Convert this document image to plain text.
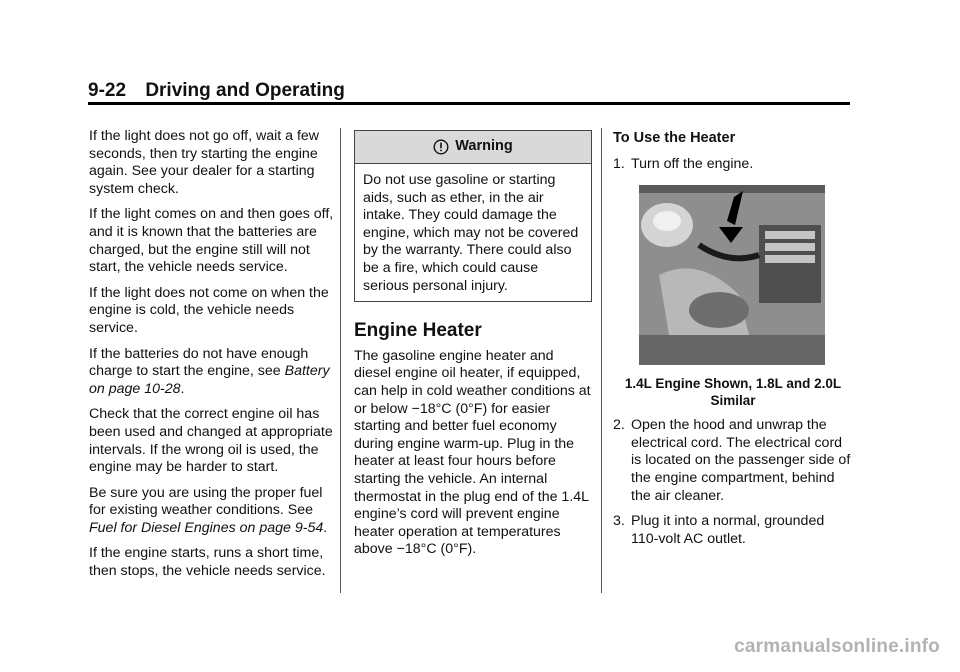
9-22 Driving and Operating

If the light does not go off, wait a few seconds, then try starting the engine again. See your dealer for a starting system check.

If the light comes on and then goes off, and it is known that the batteries are charged, but the engine still will not start, the vehicle needs service.

If the light does not come on when the engine is cold, the vehicle needs service.

If the batteries do not have enough charge to start the engine, see Battery on page 10-28.

Check that the correct engine oil has been used and changed at appropriate intervals. If the wrong oil is used, the engine may be harder to start.

Be sure you are using the proper fuel for existing weather conditions. See Fuel for Diesel Engines on page 9-54.

If the engine starts, runs a short time, then stops, the vehicle needs service.

Warning
Do not use gasoline or starting aids, such as ether, in the air intake. They could damage the engine, which may not be covered by the warranty. There could also be a fire, which could cause serious personal injury.
Engine Heater

The gasoline engine heater and diesel engine oil heater, if equipped, can help in cold weather conditions at or below −18°C (0°F) for easier starting and better fuel economy during engine warm-up. Plug in the heater at least four hours before starting the vehicle. An internal thermostat in the plug end of the 1.4L engine’s cord will prevent engine heater operation at temperatures above −18°C (0°F).

To Use the Heater
1. Turn off the engine.
1.4L Engine Shown, 1.8L and 2.0L Similar
2. Open the hood and unwrap the electrical cord. The electrical cord is located on the passenger side of the engine compartment, behind the air cleaner.
3. Plug it into a normal, grounded 110-volt AC outlet.
carmanualsonline.info
